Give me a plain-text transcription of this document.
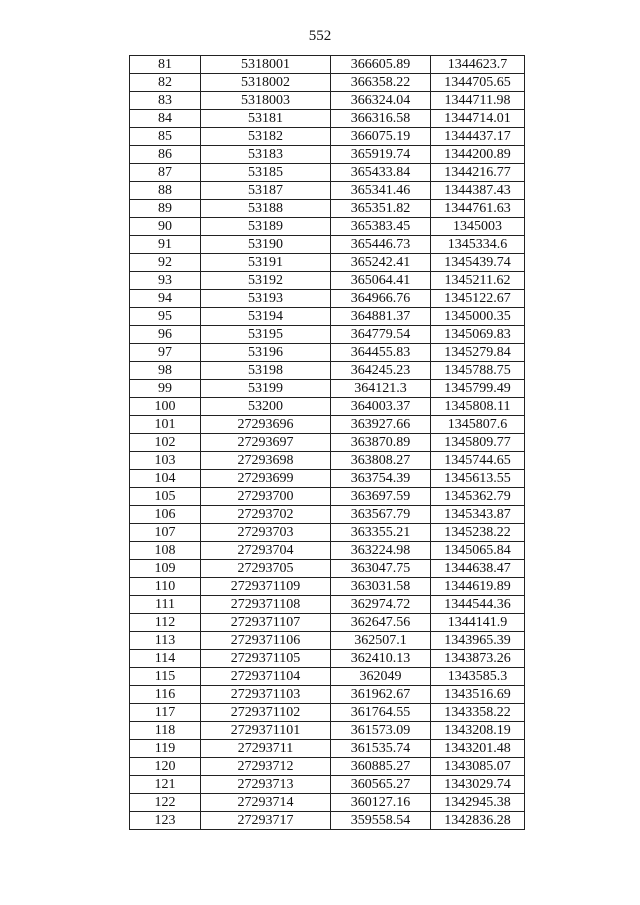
552
81	5318001	366605.89	1344623.7
82	5318002	366358.22	1344705.65
83	5318003	366324.04	1344711.98
84	53181	366316.58	1344714.01
85	53182	366075.19	1344437.17
86	53183	365919.74	1344200.89
87	53185	365433.84	1344216.77
88	53187	365341.46	1344387.43
89	53188	365351.82	1344761.63
90	53189	365383.45	1345003
91	53190	365446.73	1345334.6
92	53191	365242.41	1345439.74
93	53192	365064.41	1345211.62
94	53193	364966.76	1345122.67
95	53194	364881.37	1345000.35
96	53195	364779.54	1345069.83
97	53196	364455.83	1345279.84
98	53198	364245.23	1345788.75
99	53199	364121.3	1345799.49
100	53200	364003.37	1345808.11
101	27293696	363927.66	1345807.6
102	27293697	363870.89	1345809.77
103	27293698	363808.27	1345744.65
104	27293699	363754.39	1345613.55
105	27293700	363697.59	1345362.79
106	27293702	363567.79	1345343.87
107	27293703	363355.21	1345238.22
108	27293704	363224.98	1345065.84
109	27293705	363047.75	1344638.47
110	2729371109	363031.58	1344619.89
111	2729371108	362974.72	1344544.36
112	2729371107	362647.56	1344141.9
113	2729371106	362507.1	1343965.39
114	2729371105	362410.13	1343873.26
115	2729371104	362049	1343585.3
116	2729371103	361962.67	1343516.69
117	2729371102	361764.55	1343358.22
118	2729371101	361573.09	1343208.19
119	27293711	361535.74	1343201.48
120	27293712	360885.27	1343085.07
121	27293713	360565.27	1343029.74
122	27293714	360127.16	1342945.38
123	27293717	359558.54	1342836.28
